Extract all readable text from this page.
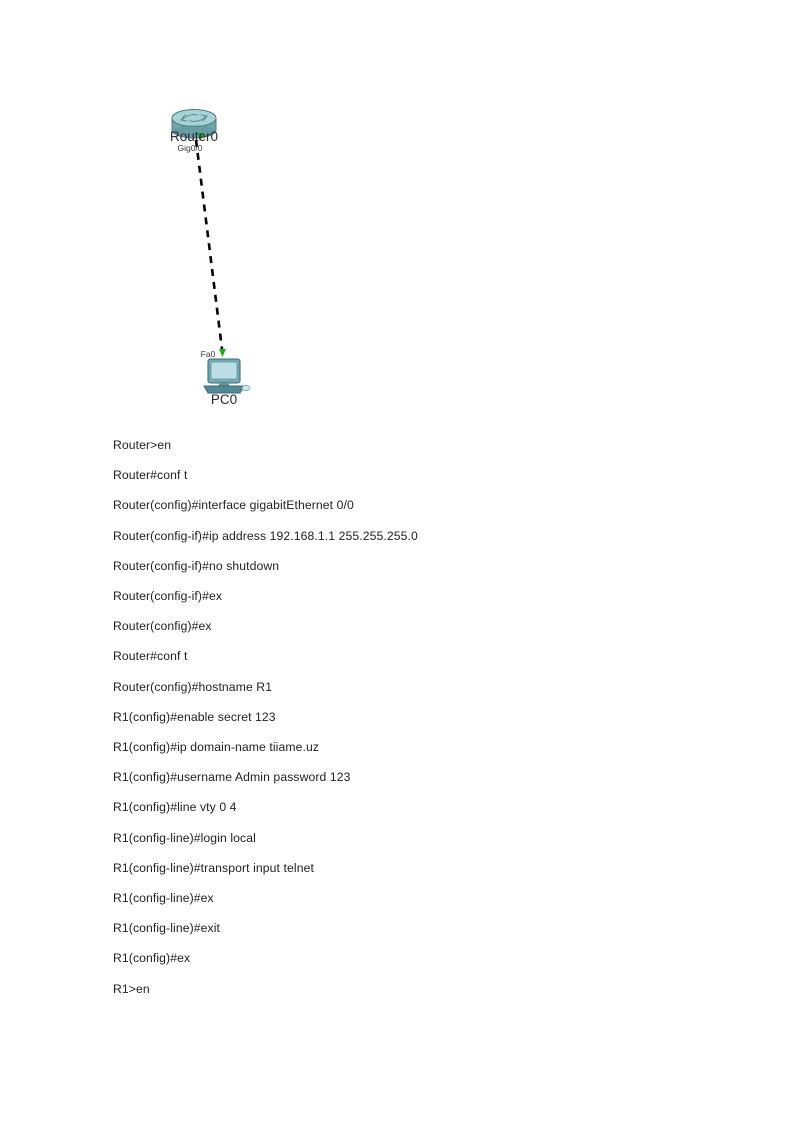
Router0
Gig0/0
Fa0
PC0
Router>en
Router#conf t
Router(config)#interface gigabitEthernet 0/0
Router(config-if)#ip address 192.168.1.1 255.255.255.0
Router(config-if)#no shutdown
Router(config-if)#ex
Router(config)#ex
Router#conf t
Router(config)#hostname R1
R1(config)#enable secret 123
R1(config)#ip domain-name tiiame.uz
R1(config)#username Admin password 123
R1(config)#line vty 0 4
R1(config-line)#login local
R1(config-line)#transport input telnet
R1(config-line)#ex
R1(config-line)#exit
R1(config)#ex
R1>en
